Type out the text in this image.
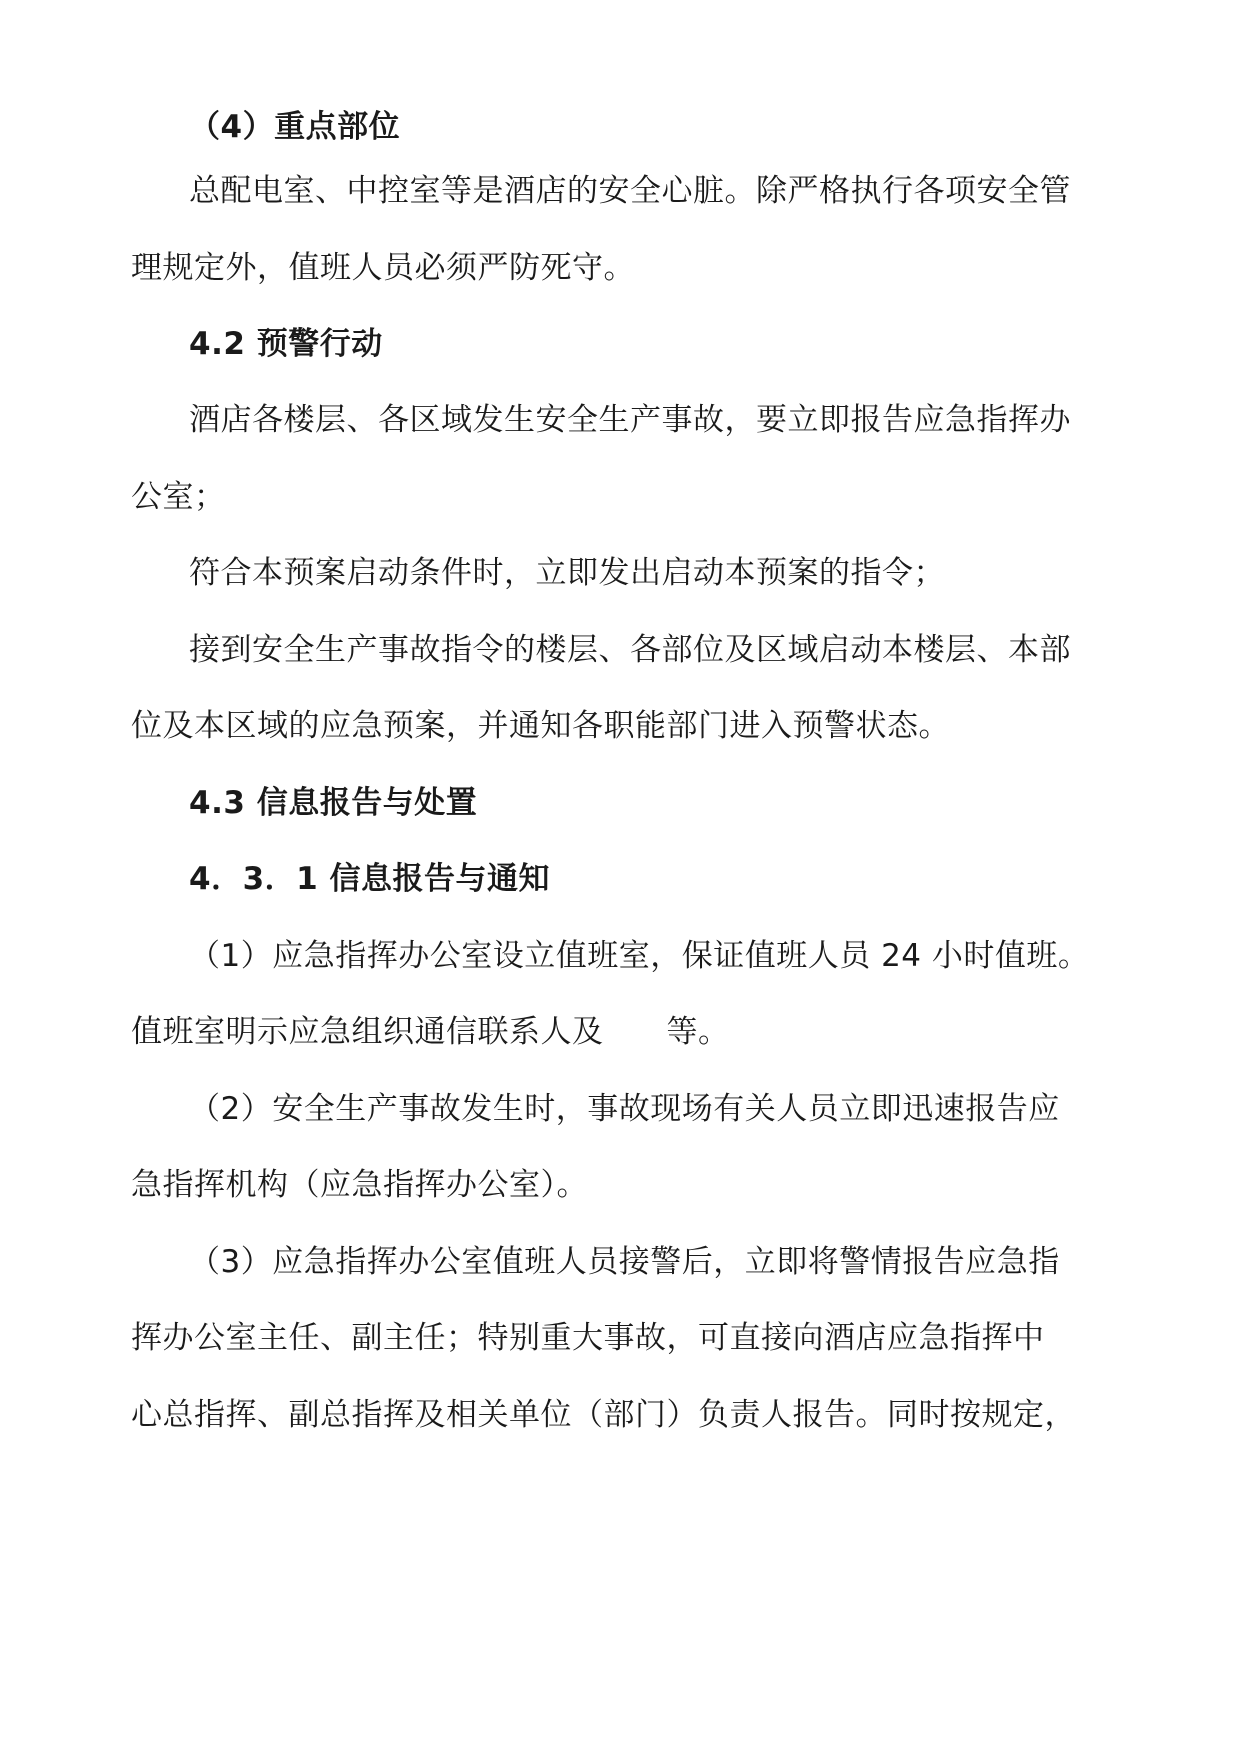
（4）重点部位
总配电室、中控室等是酒店的安全心脏。除严格执行各项安全管
理规定外，值班人员必须严防死守。
4.2 预警行动
酒店各楼层、各区域发生安全生产事故，要立即报告应急指挥办
公室；
符合本预案启动条件时，立即发出启动本预案的指令；
接到安全生产事故指令的楼层、各部位及区域启动本楼层、本部
位及本区域的应急预案，并通知各职能部门进入预警状态。
4.3 信息报告与处置
4．3．1 信息报告与通知
（1）应急指挥办公室设立值班室，保证值班人员 24 小时值班。
值班室明示应急组织通信联系人及　　等。
（2）安全生产事故发生时，事故现场有关人员立即迅速报告应
急指挥机构（应急指挥办公室）。
（3）应急指挥办公室值班人员接警后，立即将警情报告应急指
挥办公室主任、副主任；特别重大事故，可直接向酒店应急指挥中
心总指挥、副总指挥及相关单位（部门）负责人报告。同时按规定，
